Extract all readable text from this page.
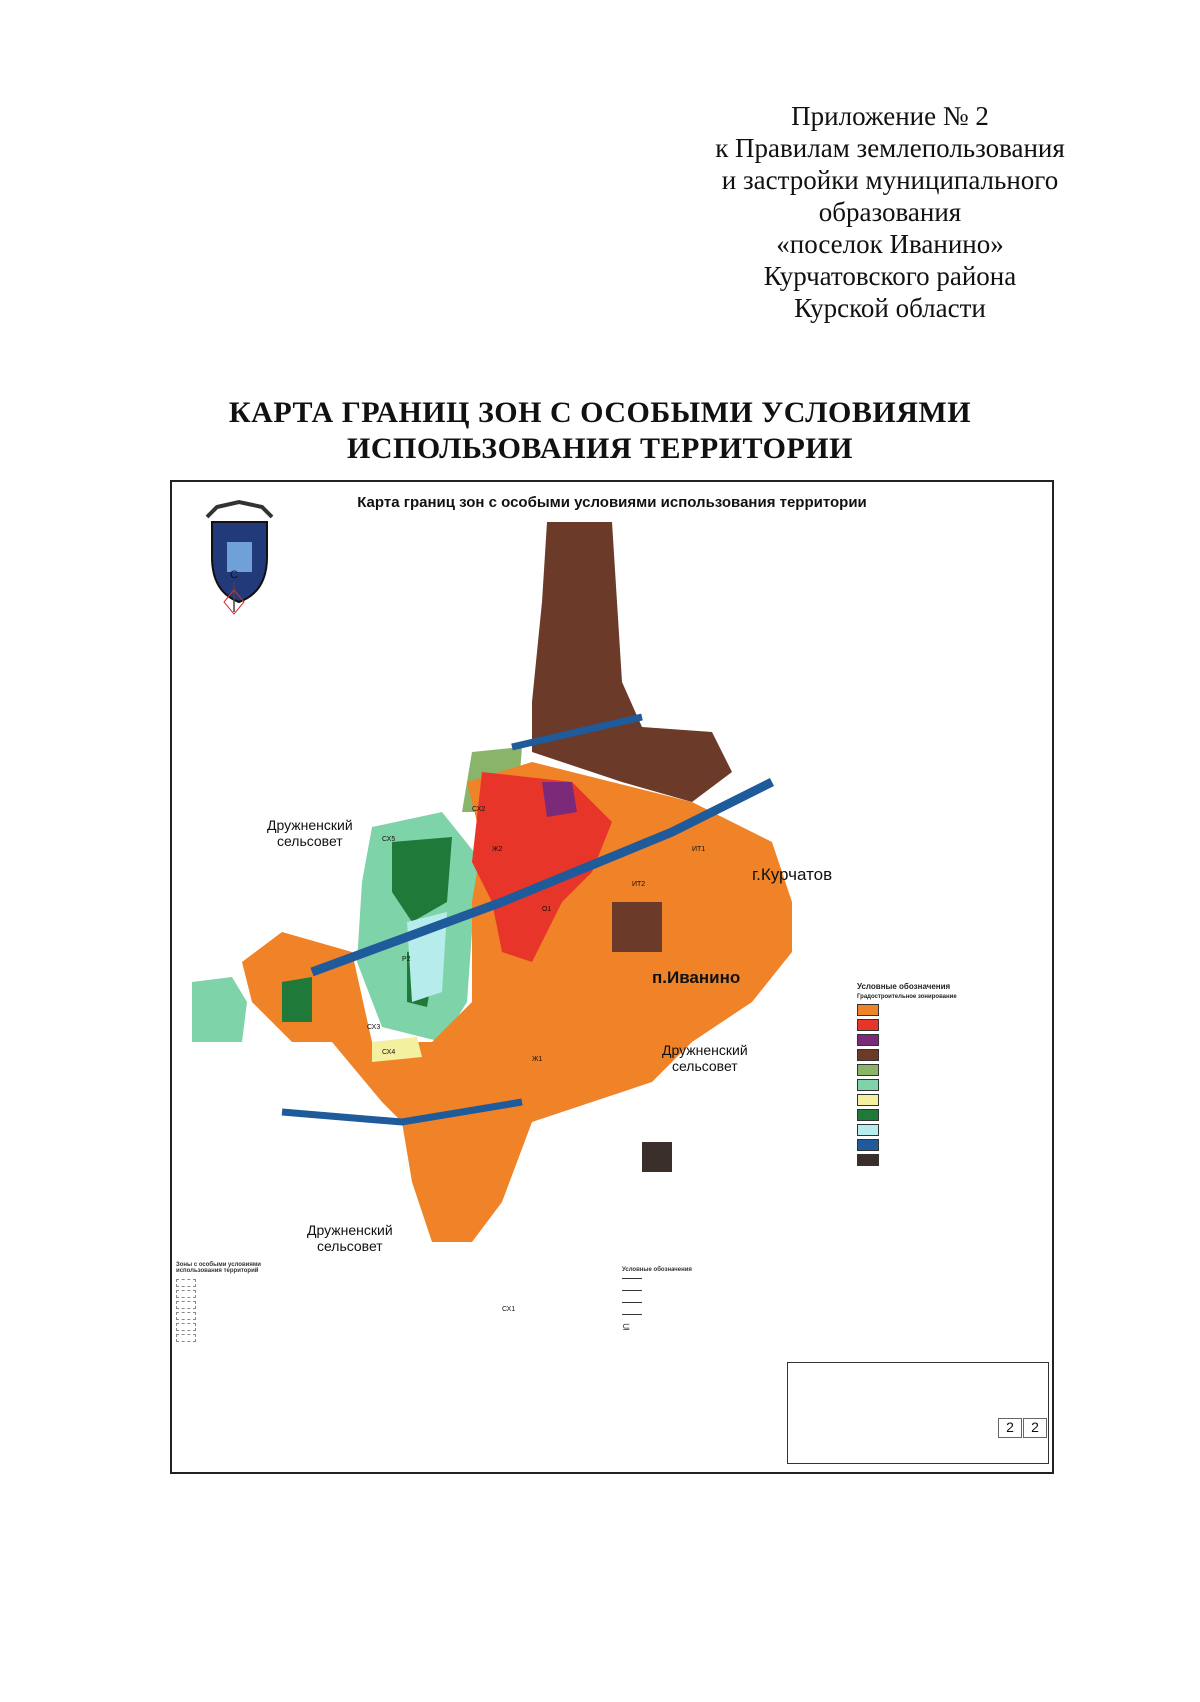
Приложение № 2
к Правилам землепользования
и застройки муниципального
образования
«поселок Иванино»
Курчатовского района
Курской области
КАРТА ГРАНИЦ ЗОН С ОСОБЫМИ УСЛОВИЯМИ
ИСПОЛЬЗОВАНИЯ ТЕРРИТОРИИ
Карта границ зон с особыми условиями использования территории
С
Дружненский
сельсовет
г.Курчатов
п.Иванино
Дружненский
сельсовет
Дружненский
сельсовет
СХ2
СХ5
Р2
СХ3
СХ4
Ж1
Ж2
ИТ2
ИТ1
О1
СХ1
Условные обозначения
Градостроительное зонирование
Зоны с особыми условиями использования территорий	Условные обозначения
⊆
2	2
